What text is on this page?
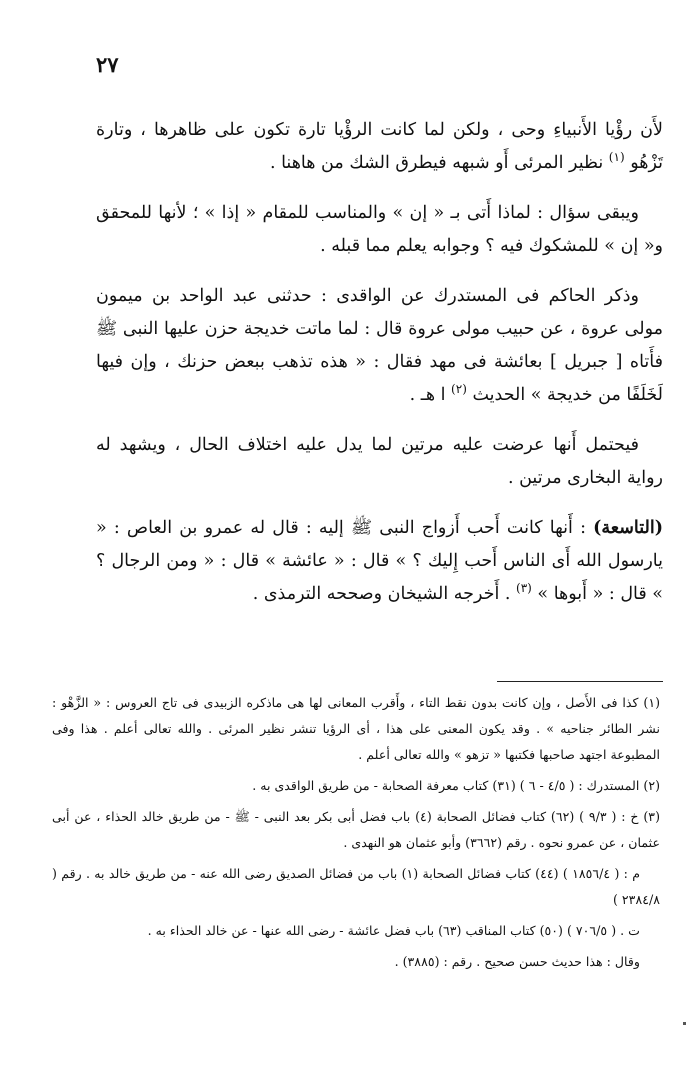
٢٧

لأَن رؤْيا الأَنبياءِ وحى ، ولكن لما كانت الرؤْيا تارة تكون على ظاهرها ، وتارة تَزْهُو $^{(١)}$ نظير المرئى أَو شبهه فيطرق الشك من هاهنا .

ويبقى سؤال : لماذا أَتى بـ « إن » والمناسب للمقام « إذا » ؛ لأنها للمحقق و« إن » للمشكوك فيه ؟ وجوابه يعلم مما قبله .

وذكر الحاكم فى المستدرك عن الواقدى : حدثنى عبد الواحد بن ميمون مولى عروة ، عن حبيب مولى عروة قال : لما ماتت خديجة حزن عليها النبى ﷺ فأَتاه [ جبريل ] بعائشة فى مهد فقال : « هذه تذهب ببعض حزنك ، وإن فيها لَخَلَفًا من خديجة » الحديث $^{(٢)}$ ا هـ .

فيحتمل أَنها عرضت عليه مرتين لما يدل عليه اختلاف الحال ، ويشهد له رواية البخارى مرتين .

(التاسعة) : أَنها كانت أَحب أَزواج النبى ﷺ إليه : قال له عمرو بن العاص : « يارسول الله أَى الناس أَحب إِليك ؟ » قال : « عائشة » قال : « ومن الرجال ؟ » قال : « أَبوها » $^{(٣)}$ . أَخرجه الشيخان وصححه الترمذى .

(١) كذا فى الأَصل ، وإن كانت بدون نقط التاء ، وأَقرب المعانى لها هى ماذكره الزبيدى فى تاج العروس : « الزَّهْو : نشر الطائر جناحيه » . وقد يكون المعنى على هذا ، أى الرؤيا تنشر نظير المرئى . والله تعالى أعلم . هذا وفى المطبوعة اجتهد صاحبها فكتبها « تزهو » والله تعالى أعلم .

(٢) المستدرك : ( ٤/٥ - ٦ ) (٣١) كتاب معرفة الصحابة - من طريق الواقدى به .

(٣) خ : ( ٩/٣ ) (٦٢) كتاب فضائل الصحابة (٤) باب فضل أبى بكر بعد النبى - ﷺ - من طريق خالد الحذاء ، عن أبى عثمان ، عن عمرو نحوه . رقم (٣٦٦٢) وأبو عثمان هو النهدى .

م : ( ١٨٥٦/٤ ) (٤٤) كتاب فضائل الصحابة (١) باب من فضائل الصديق رضى الله عنه - من طريق خالد به . رقم ( ٢٣٨٤/٨ )

ت . ( ٧٠٦/٥ ) (٥٠) كتاب المناقب (٦٣) باب فضل عائشة - رضى الله عنها - عن خالد الحذاء به .

وقال : هذا حديث حسن صحيح . رقم : (٣٨٨٥) .
